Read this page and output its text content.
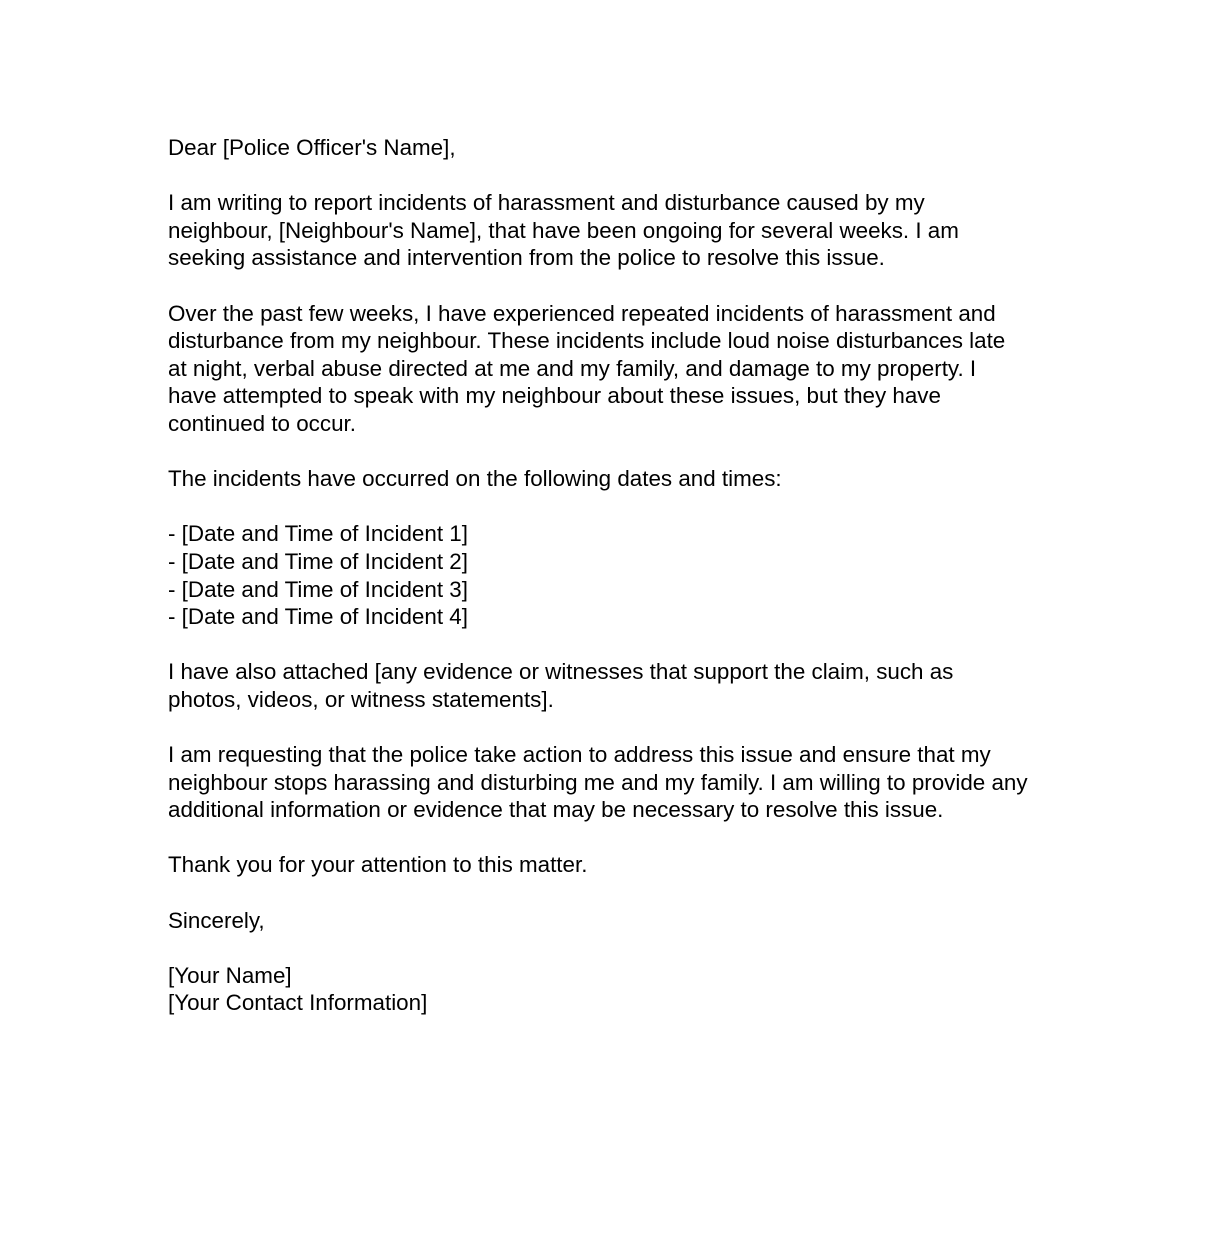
Dear [Police Officer's Name],

I am writing to report incidents of harassment and disturbance caused by my neighbour, [Neighbour's Name], that have been ongoing for several weeks. I am seeking assistance and intervention from the police to resolve this issue.

Over the past few weeks, I have experienced repeated incidents of harassment and disturbance from my neighbour. These incidents include loud noise disturbances late at night, verbal abuse directed at me and my family, and damage to my property. I have attempted to speak with my neighbour about these issues, but they have continued to occur.

The incidents have occurred on the following dates and times:

- [Date and Time of Incident 1]
- [Date and Time of Incident 2]
- [Date and Time of Incident 3]
- [Date and Time of Incident 4]

I have also attached [any evidence or witnesses that support the claim, such as photos, videos, or witness statements].

I am requesting that the police take action to address this issue and ensure that my neighbour stops harassing and disturbing me and my family. I am willing to provide any additional information or evidence that may be necessary to resolve this issue.

Thank you for your attention to this matter.

Sincerely,

[Your Name]
[Your Contact Information]
